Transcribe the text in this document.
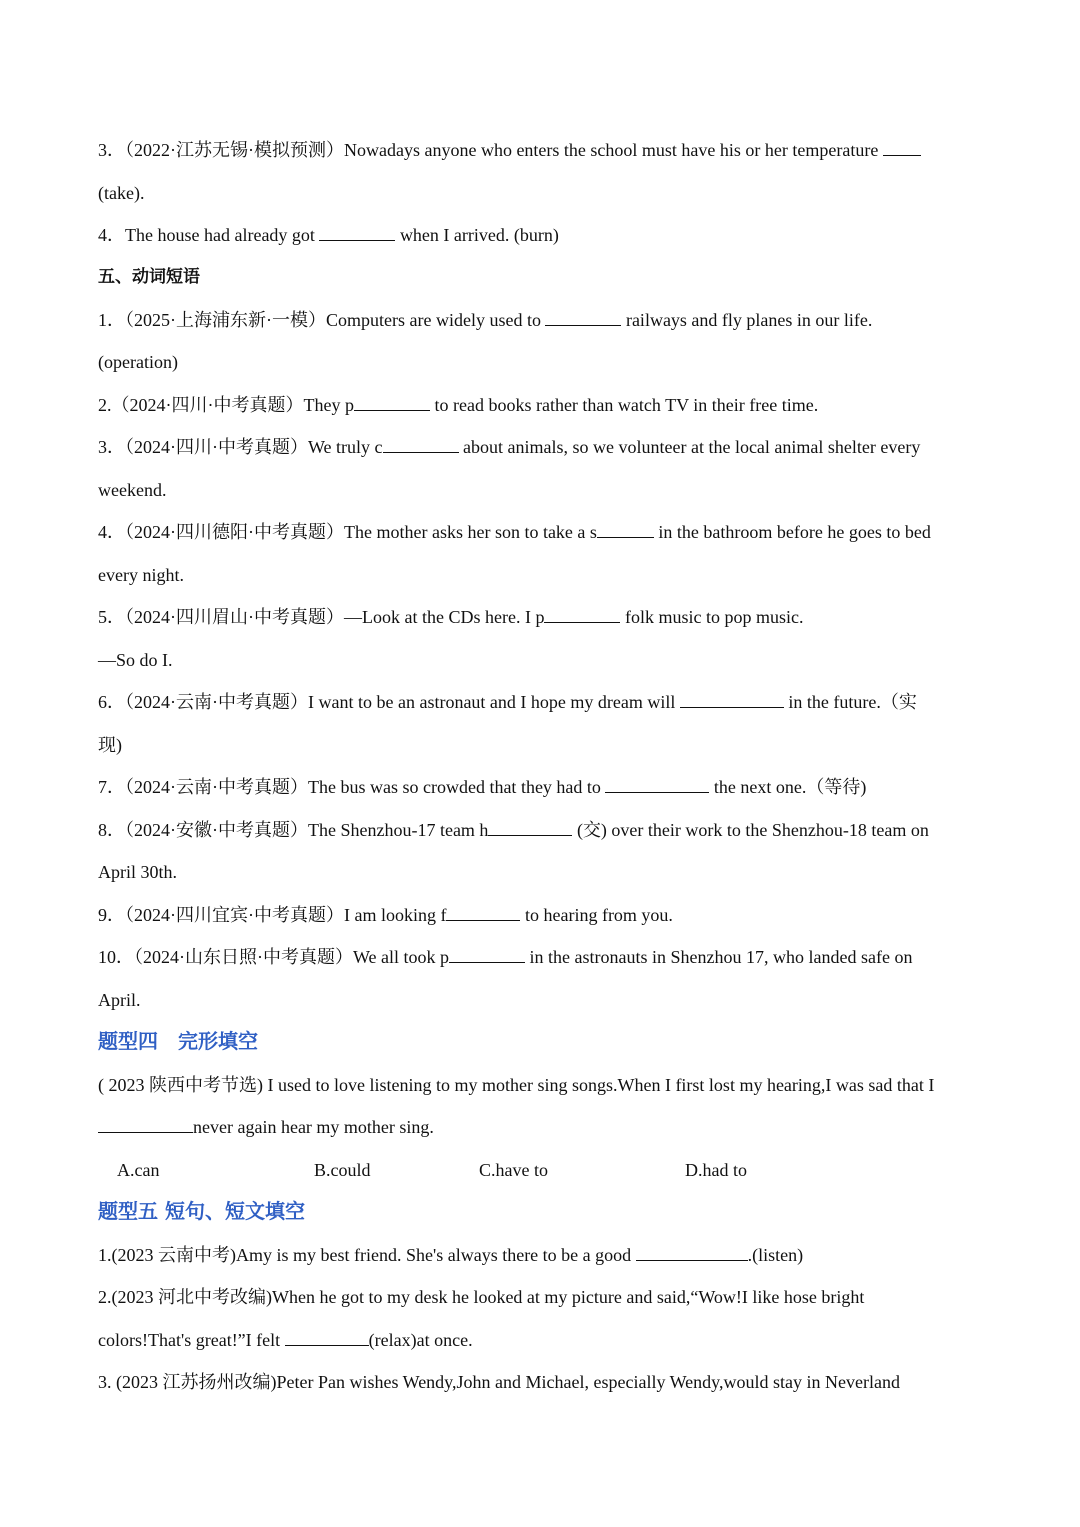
3．（2022·江苏无锡·模拟预测）Nowadays anyone who enters the school must have his or her temperature
(take).
4．The house had already got	when I arrived. (burn)
五、动词短语
1．（2025·上海浦东新·一模）Computers are widely used to	railways and fly planes in our life.
(operation)
2.（2024·四川·中考真题）They p	to read books rather than watch TV in their free time.
3．（2024·四川·中考真题）We truly c	about animals, so we volunteer at the local animal shelter every
weekend.
4．（2024·四川德阳·中考真题）The mother asks her son to take a s	in the bathroom before he goes to bed
every night.
5．（2024·四川眉山·中考真题）—Look at the CDs here. I p	folk music to pop music.
—So do I.
6．（2024·云南·中考真题）I want to be an astronaut and I hope my dream will	in the future.（实
现)
7．（2024·云南·中考真题）The bus was so crowded that they had to	the next one.（等待)
8．（2024·安徽·中考真题）The Shenzhou-17 team h	(交) over their work to the Shenzhou-18 team on
April 30th.
9．（2024·四川宜宾·中考真题）I am looking f	to hearing from you.
10．（2024·山东日照·中考真题）We all took p	in the astronauts in Shenzhou 17, who landed safe on
April.
题型四　完形填空
( 2023 陕西中考节选) I used to love listening to my mother sing songs.When I first lost my hearing,I was sad that I
never again hear my mother sing.
A.can	B.could	C.have to	D.had to
题型五 短句、短文填空
1.(2023 云南中考)Amy is my best friend. She's always there to be a good	.(listen)
2.(2023 河北中考改编)When he got to my desk he looked at my picture and said,“Wow!I like hose bright
colors!That's great!”I felt	(relax)at once.
3. (2023 江苏扬州改编)Peter Pan wishes Wendy,John and Michael, especially Wendy,would stay in Neverland
